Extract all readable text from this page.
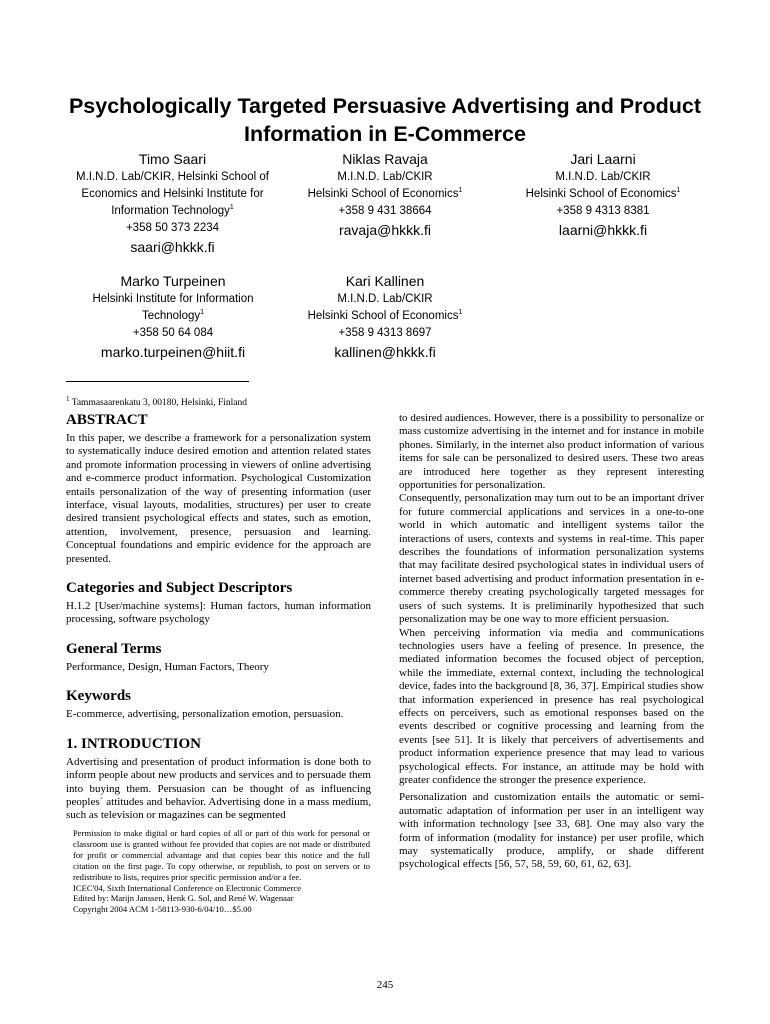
Psychologically Targeted Persuasive Advertising and Product Information in E-Commerce
Timo Saari
M.I.N.D. Lab/CKIR, Helsinki School of
Economics and Helsinki Institute for
Information Technology$^1$
+358 50 373 2234
saari@hkkk.fi
Niklas Ravaja
M.I.N.D. Lab/CKIR
Helsinki School of Economics$^1$
+358 9 431 38664
ravaja@hkkk.fi
Jari Laarni
M.I.N.D. Lab/CKIR
Helsinki School of Economics$^1$
+358 9 4313 8381
laarni@hkkk.fi
Marko Turpeinen
Helsinki Institute for Information
Technology$^1$
+358 50 64 084
marko.turpeinen@hiit.fi
Kari Kallinen
M.I.N.D. Lab/CKIR
Helsinki School of Economics$^1$
+358 9 4313 8697
kallinen@hkkk.fi
$^1$ Tammasaarenkatu 3, 00180, Helsinki, Finland
ABSTRACT

In this paper, we describe a framework for a personalization system to systematically induce desired emotion and attention related states and promote information processing in viewers of online advertising and e-commerce product information. Psychological Customization entails personalization of the way of presenting information (user interface, visual layouts, modalities, structures) per user to create desired transient psychological effects and states, such as emotion, attention, involvement, presence, persuasion and learning. Conceptual foundations and empiric evidence for the approach are presented.

Categories and Subject Descriptors

H.1.2 [User/machine systems]: Human factors, human information processing, software psychology

General Terms

Performance, Design, Human Factors, Theory

Keywords

E-commerce, advertising, personalization emotion, persuasion.

1. INTRODUCTION

Advertising and presentation of product information is done both to inform people about new products and services and to persuade them into buying them. Persuasion can be thought of as influencing peoples´ attitudes and behavior. Advertising done in a mass medium, such as television or magazines can be segmented

Permission to make digital or hard copies of all or part of this work for personal or classroom use is granted without fee provided that copies are not made or distributed for profit or commercial advantage and that copies bear this notice and the full citation on the first page. To copy otherwise, or republish, to post on servers or to redistribute to lists, requires prior specific permission and/or a fee.
ICEC'04, Sixth International Conference on Electronic Commerce
Edited by: Marijn Janssen, Henk G. Sol, and René W. Wagenaar
Copyright 2004 ACM 1-58113-930-6/04/10…$5.00

to desired audiences. However, there is a possibility to personalize or mass customize advertising in the internet and for instance in mobile phones. Similarly, in the internet also product information of various items for sale can be personalized to desired users. These two areas are introduced here together as they represent interesting opportunities for personalization.

Consequently, personalization may turn out to be an important driver for future commercial applications and services in a one-to-one world in which automatic and intelligent systems tailor the interactions of users, contexts and systems in real-time. This paper describes the foundations of information personalization systems that may facilitate desired psychological states in individual users of internet based advertising and product information presentation in e-commerce thereby creating psychologically targeted messages for users of such systems. It is preliminarily hypothesized that such personalization may be one way to more efficient persuasion.

When perceiving information via media and communications technologies users have a feeling of presence. In presence, the mediated information becomes the focused object of perception, while the immediate, external context, including the technological device, fades into the background [8, 36, 37]. Empirical studies show that information experienced in presence has real psychological effects on perceivers, such as emotional responses based on the events described or cognitive processing and learning from the events [see 51]. It is likely that perceivers of advertisements and product information experience presence that may lead to various psychological effects. For instance, an attitude may be hold with greater confidence the stronger the presence experience.

Personalization and customization entails the automatic or semi-automatic adaptation of information per user in an intelligent way with information technology [see 33, 68]. One may also vary the form of information (modality for instance) per user profile, which may systematically produce, amplify, or shade different psychological effects [56, 57, 58, 59, 60, 61, 62, 63].

245
